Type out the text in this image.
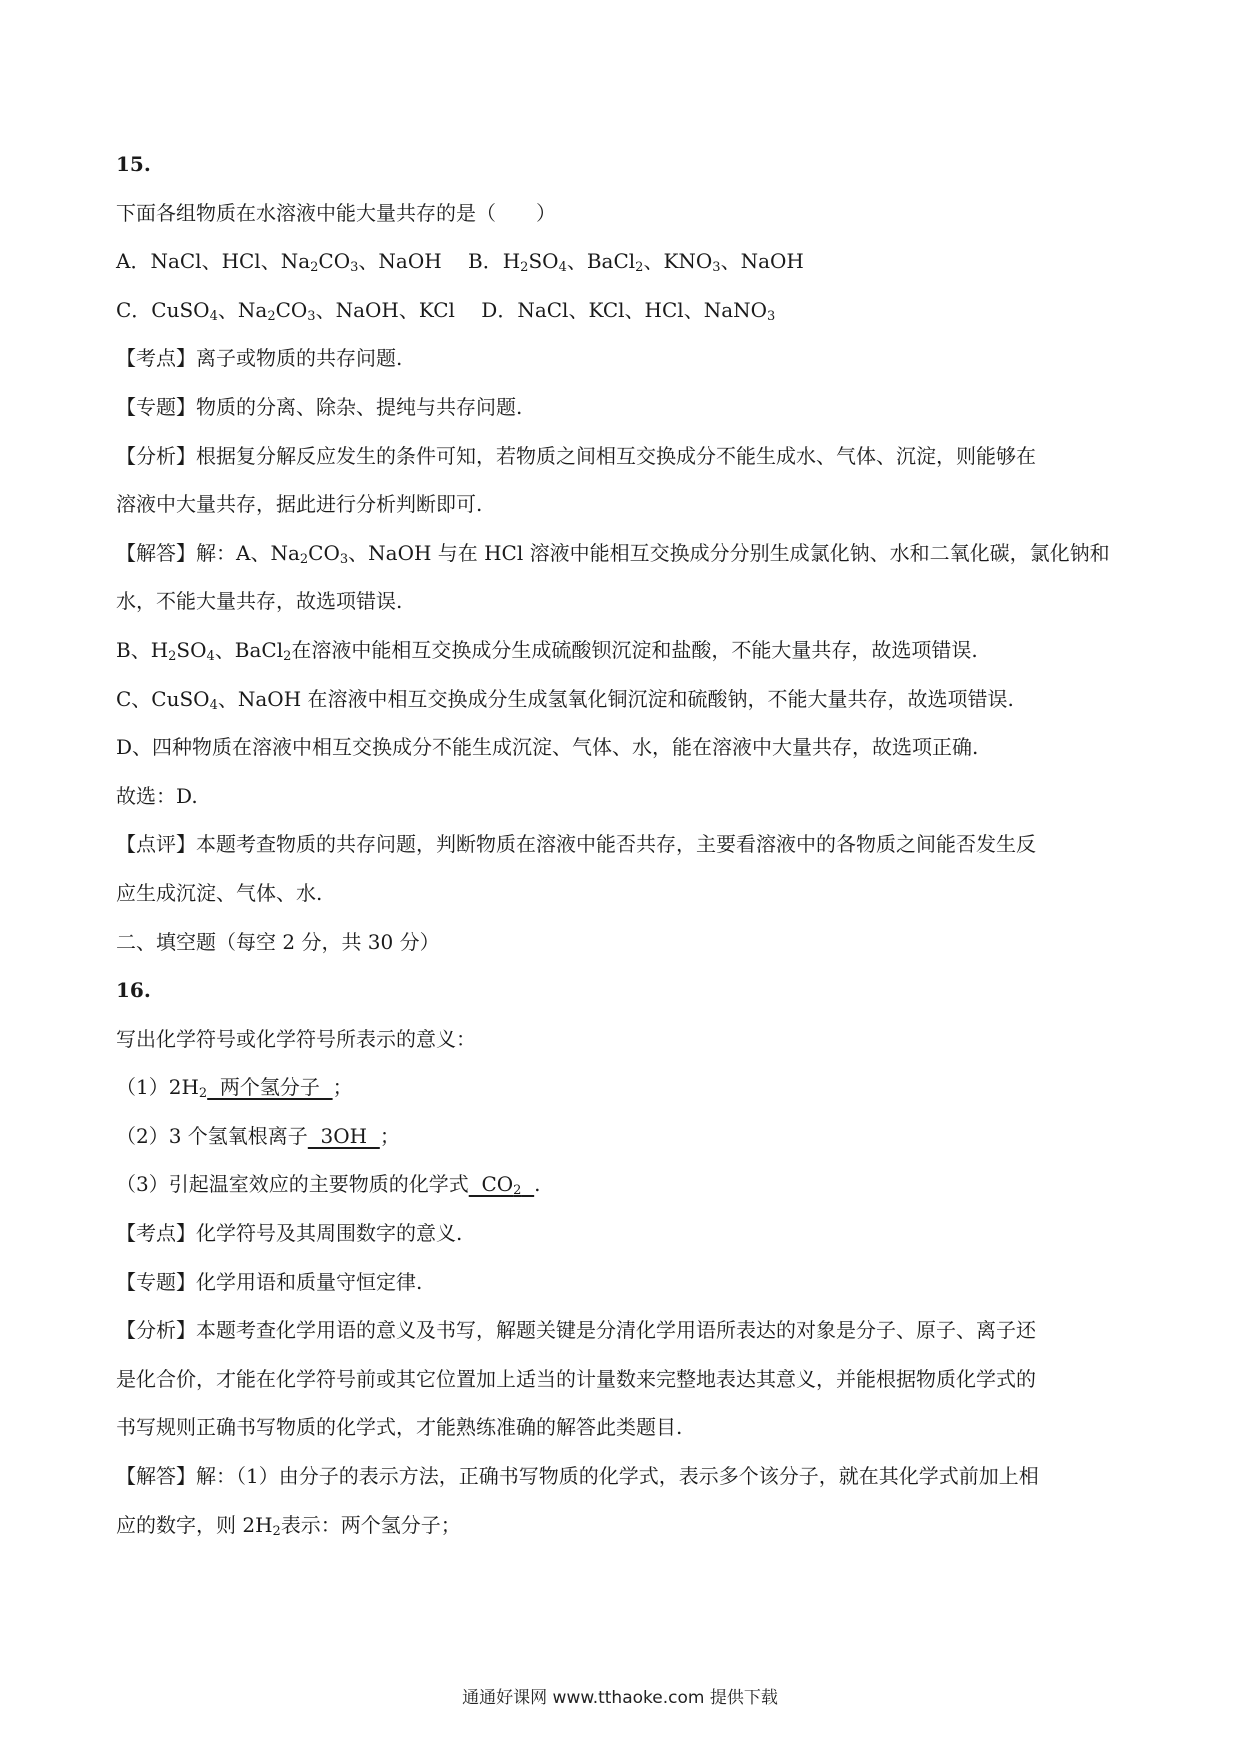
15.
下面各组物质在水溶液中能大量共存的是（　　）
A．NaCl、HCl、$Na_2CO_3$、NaOH　 B．$H_2SO_4$、BaCl$_2$、$KNO_3$、NaOH
C．CuSO$_4$、$Na_2CO_3$、NaOH、KCl　 D．NaCl、KCl、HCl、NaNO$_3$
【考点】离子或物质的共存问题.
【专题】物质的分离、除杂、提纯与共存问题.
【分析】根据复分解反应发生的条件可知，若物质之间相互交换成分不能生成水、气体、沉淀，则能够在
溶液中大量共存，据此进行分析判断即可.
【解答】解：A、$Na_2CO_3$、NaOH 与在 HCl 溶液中能相互交换成分分别生成氯化钠、水和二氧化碳，氯化钠和
水，不能大量共存，故选项错误.
B、$H_2SO_4$、BaCl$_2$在溶液中能相互交换成分生成硫酸钡沉淀和盐酸，不能大量共存，故选项错误.
C、CuSO$_4$、NaOH 在溶液中相互交换成分生成氢氧化铜沉淀和硫酸钠，不能大量共存，故选项错误.
D、四种物质在溶液中相互交换成分不能生成沉淀、气体、水，能在溶液中大量共存，故选项正确.
故选：D.
【点评】本题考查物质的共存问题，判断物质在溶液中能否共存，主要看溶液中的各物质之间能否发生反
应生成沉淀、气体、水.
二、填空题（每空 2 分，共 30 分）
16.
写出化学符号或化学符号所表示的意义：
$(1)2H_2$  两个氢分子  ；
（2）3 个氢氧根离子  3OH  ；
（3）引起温室效应的主要物质的化学式  $CO_2$ .
【考点】化学符号及其周围数字的意义.
【专题】化学用语和质量守恒定律.
【分析】本题考查化学用语的意义及书写，解题关键是分清化学用语所表达的对象是分子、原子、离子还
是化合价，才能在化学符号前或其它位置加上适当的计量数来完整地表达其意义，并能根据物质化学式的
书写规则正确书写物质的化学式，才能熟练准确的解答此类题目.
【解答】解：（1）由分子的表示方法，正确书写物质的化学式，表示多个该分子，就在其化学式前加上相
应的数字，则 $2H_2$表示：两个氢分子；
通通好课网 www.tthaoke.com 提供下载
